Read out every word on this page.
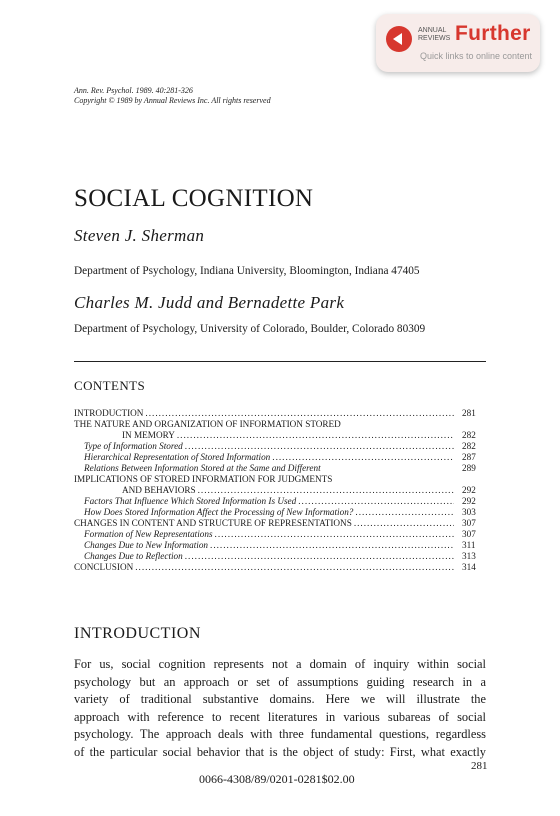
ANNUAL
REVIEWS Further
Quick links to online content
Ann. Rev. Psychol. 1989. 40:281-326
Copyright © 1989 by Annual Reviews Inc. All rights reserved
SOCIAL COGNITION
Steven J. Sherman
Department of Psychology, Indiana University, Bloomington, Indiana 47405
Charles M. Judd and Bernadette Park
Department of Psychology, University of Colorado, Boulder, Colorado 80309
CONTENTS
INTRODUCTION .....	281
THE NATURE AND ORGANIZATION OF INFORMATION STORED
IN MEMORY .....	282
Type of Information Stored .....	282
Hierarchical Representation of Stored Information .....	287
Relations Between Information Stored at the Same and Different	289
IMPLICATIONS OF STORED INFORMATION FOR JUDGMENTS
AND BEHAVIORS .....	292
Factors That Influence Which Stored Information Is Used .....	292
How Does Stored Information Affect the Processing of New Information? .....	303
CHANGES IN CONTENT AND STRUCTURE OF REPRESENTATIONS .....	307
Formation of New Representations .....	307
Changes Due to New Information .....	311
Changes Due to Reflection .....	313
CONCLUSION .....	314
INTRODUCTION
For us, social cognition represents not a domain of inquiry within social
psychology but an approach or set of assumptions guiding research in a
variety of traditional substantive domains. Here we will illustrate the
approach with reference to recent literatures in various subareas of social
psychology. The approach deals with three fundamental questions, regardless
of the particular social behavior that is the object of study: First, what exactly
281
0066-4308/89/0201-0281$02.00
